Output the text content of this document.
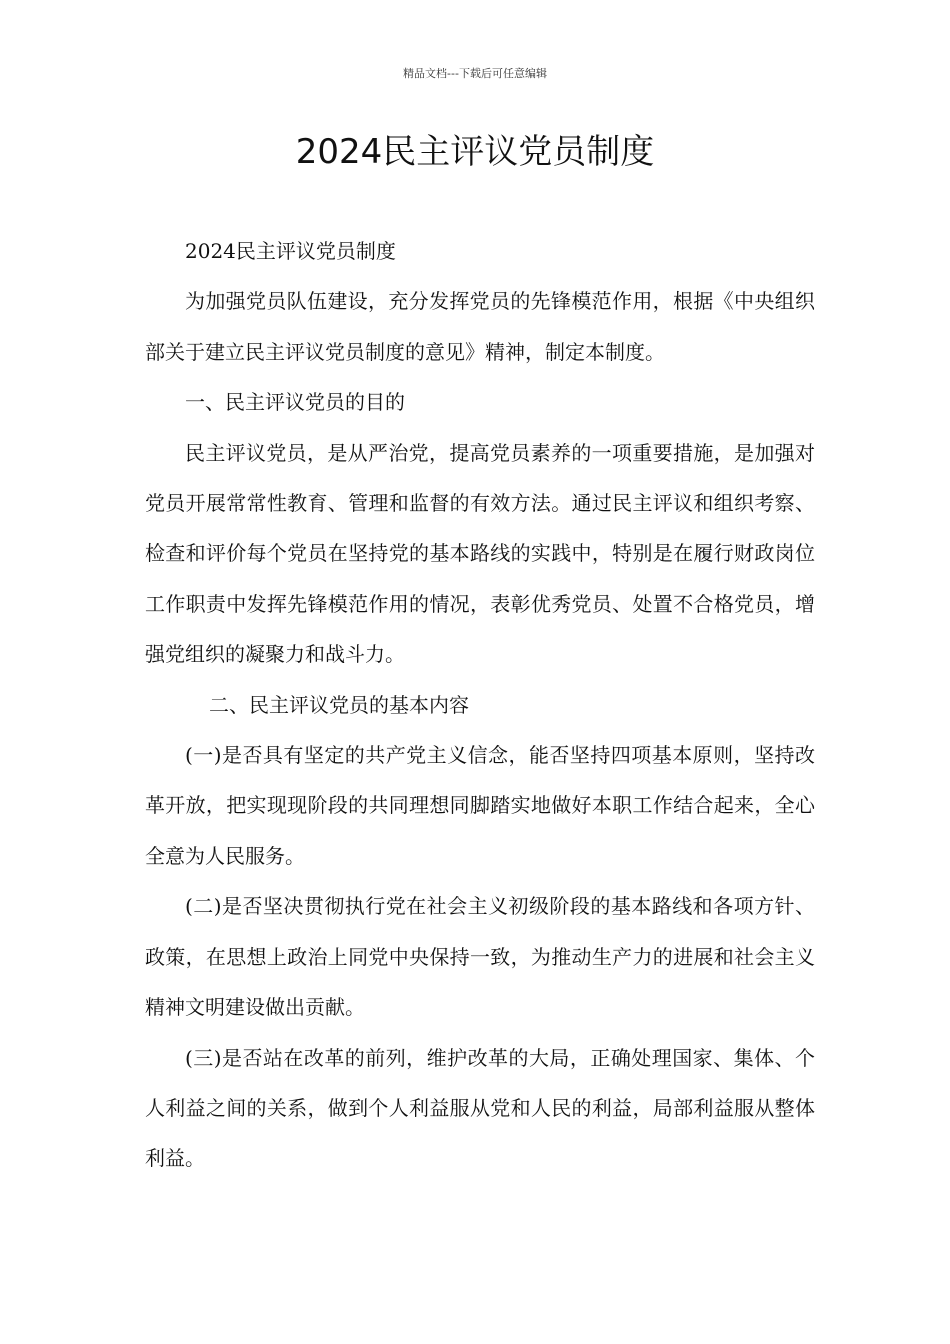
精品文档---下载后可任意编辑
2024民主评议党员制度

2024民主评议党员制度

为加强党员队伍建设，充分发挥党员的先锋模范作用，根据《中央组织部关于建立民主评议党员制度的意见》精神，制定本制度。

一、民主评议党员的目的

民主评议党员，是从严治党，提高党员素养的一项重要措施，是加强对党员开展常常性教育、管理和监督的有效方法。通过民主评议和组织考察、检查和评价每个党员在坚持党的基本路线的实践中，特别是在履行财政岗位工作职责中发挥先锋模范作用的情况，表彰优秀党员、处置不合格党员，增强党组织的凝聚力和战斗力。

二、民主评议党员的基本内容

(一)是否具有坚定的共产党主义信念，能否坚持四项基本原则，坚持改革开放，把实现现阶段的共同理想同脚踏实地做好本职工作结合起来，全心全意为人民服务。

(二)是否坚决贯彻执行党在社会主义初级阶段的基本路线和各项方针、政策，在思想上政治上同党中央保持一致，为推动生产力的进展和社会主义精神文明建设做出贡献。

(三)是否站在改革的前列，维护改革的大局，正确处理国家、集体、个人利益之间的关系，做到个人利益服从党和人民的利益，局部利益服从整体利益。
